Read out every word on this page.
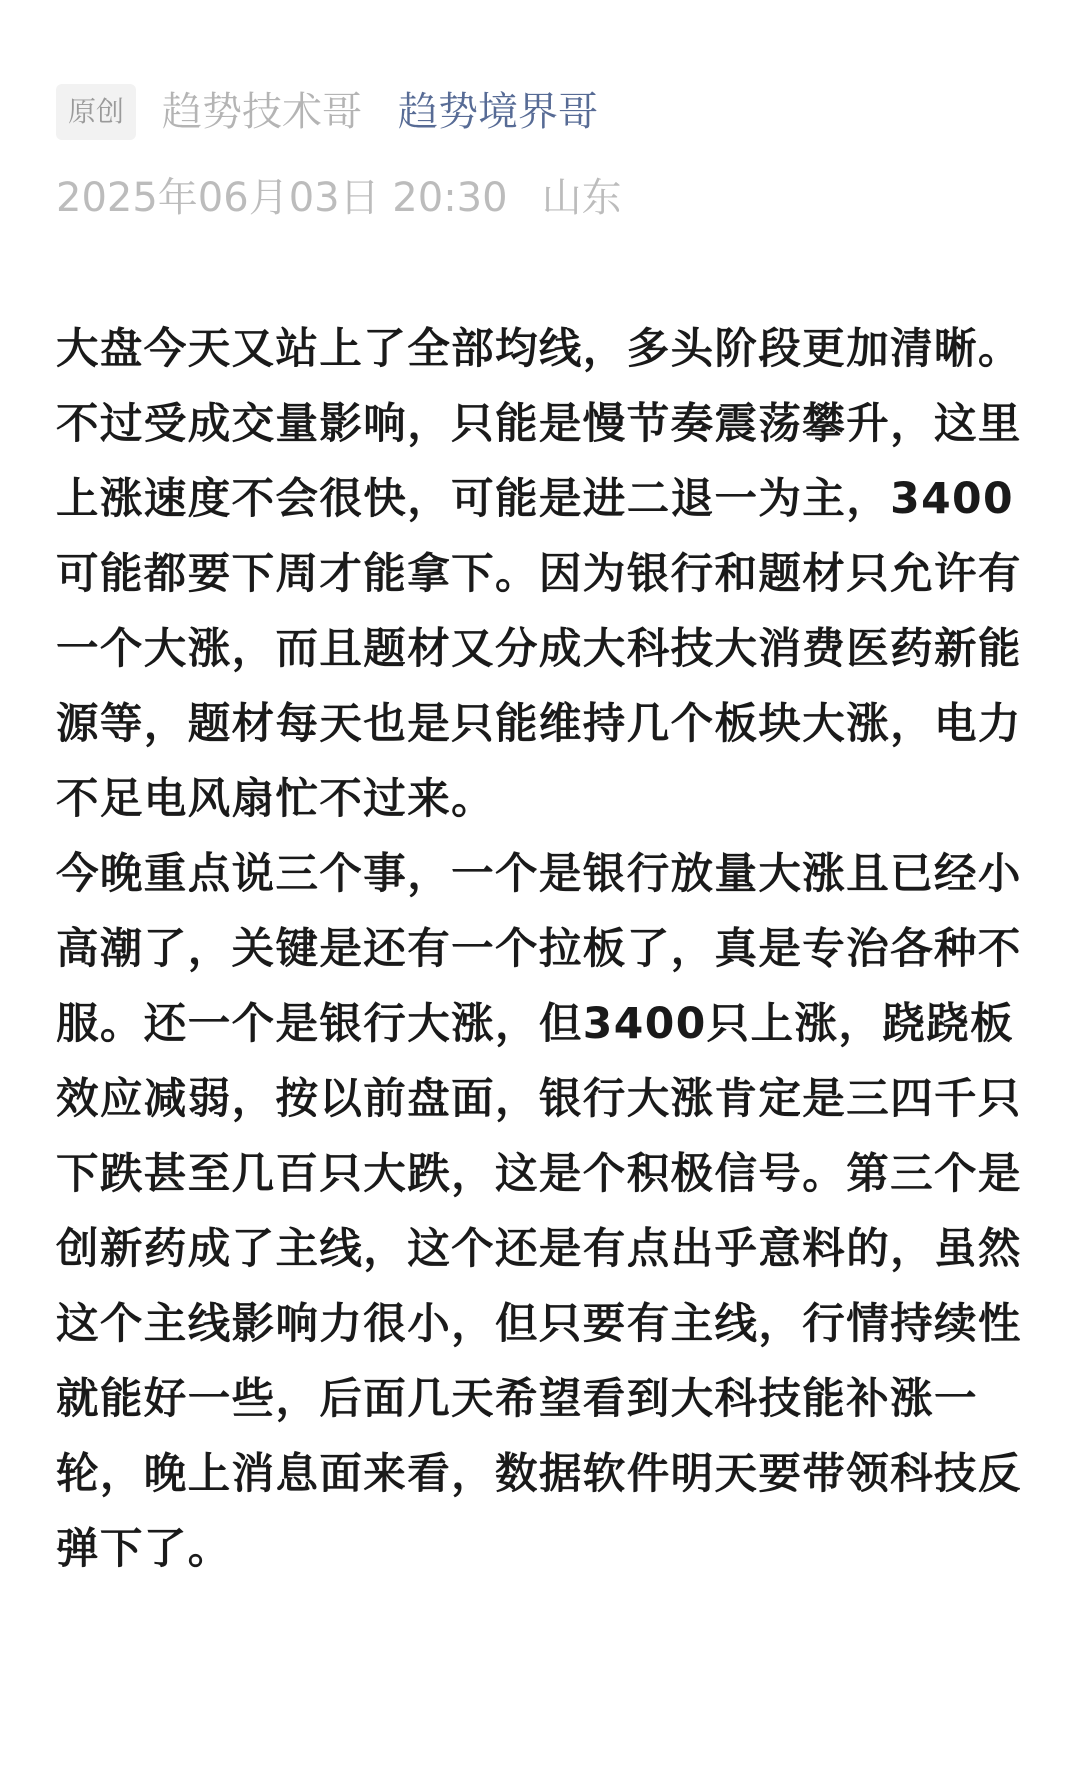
原创 趋势技术哥 趋势境界哥
2025年06月03日 20:30 山东

大盘今天又站上了全部均线，多头阶段更加清晰。不过受成交量影响，只能是慢节奏震荡攀升，这里上涨速度不会很快，可能是进二退一为主，3400可能都要下周才能拿下。因为银行和题材只允许有一个大涨，而且题材又分成大科技大消费医药新能源等，题材每天也是只能维持几个板块大涨，电力不足电风扇忙不过来。

今晚重点说三个事，一个是银行放量大涨且已经小高潮了，关键是还有一个拉板了，真是专治各种不服。还一个是银行大涨，但3400只上涨，跷跷板效应减弱，按以前盘面，银行大涨肯定是三四千只下跌甚至几百只大跌，这是个积极信号。第三个是创新药成了主线，这个还是有点出乎意料的，虽然这个主线影响力很小，但只要有主线，行情持续性就能好一些，后面几天希望看到大科技能补涨一轮，晚上消息面来看，数据软件明天要带领科技反弹下了。
